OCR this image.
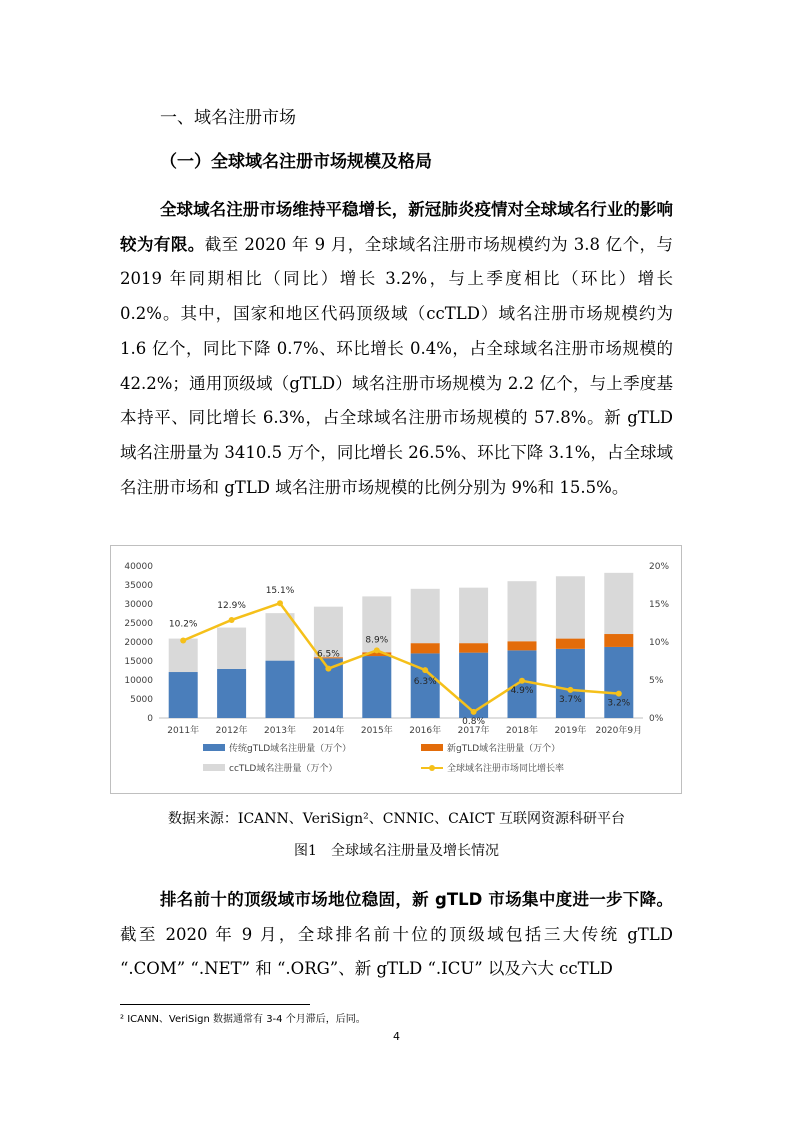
一、域名注册市场
（一）全球域名注册市场规模及格局
全球域名注册市场维持平稳增长，新冠肺炎疫情对全球域名行业的影响较为有限。截至 2020 年 9 月，全球域名注册市场规模约为 3.8 亿个，与 2019 年同期相比（同比）增长 3.2%，与上季度相比（环比）增长 0.2%。其中，国家和地区代码顶级域（ccTLD）域名注册市场规模约为 1.6 亿个，同比下降 0.7%、环比增长 0.4%，占全球域名注册市场规模的 42.2%；通用顶级域（gTLD）域名注册市场规模为 2.2 亿个，与上季度基本持平、同比增长 6.3%，占全球域名注册市场规模的 57.8%。新 gTLD 域名注册量为 3410.5 万个，同比增长 26.5%、环比下降 3.1%，占全球域名注册市场和 gTLD 域名注册市场规模的比例分别为 9%和 15.5%。
0
5000
10000
15000
20000
25000
30000
35000
40000
0%
5%
10%
15%
20%
2011年 2012年 2013年 2014年 2015年 2016年 2017年 2018年 2019年 2020年9月
10.2%
12.9%
15.1%
6.5%
8.9%
6.3%
0.8%
4.9%
3.7%	3.2%
传统gTLD域名注册量（万个）	新gTLD域名注册量（万个）
ccTLD域名注册量（万个）	全球域名注册市场同比增长率
数据来源：ICANN、VeriSign²、CNNIC、CAICT 互联网资源科研平台
图1　全球域名注册量及增长情况
排名前十的顶级域市场地位稳固，新 gTLD 市场集中度进一步下降。截至 2020 年 9 月，全球排名前十位的顶级域包括三大传统 gTLD “.COM” “.NET” 和 “.ORG”、新 gTLD “.ICU” 以及六大 ccTLD
² ICANN、VeriSign 数据通常有 3-4 个月滞后，后同。
4
